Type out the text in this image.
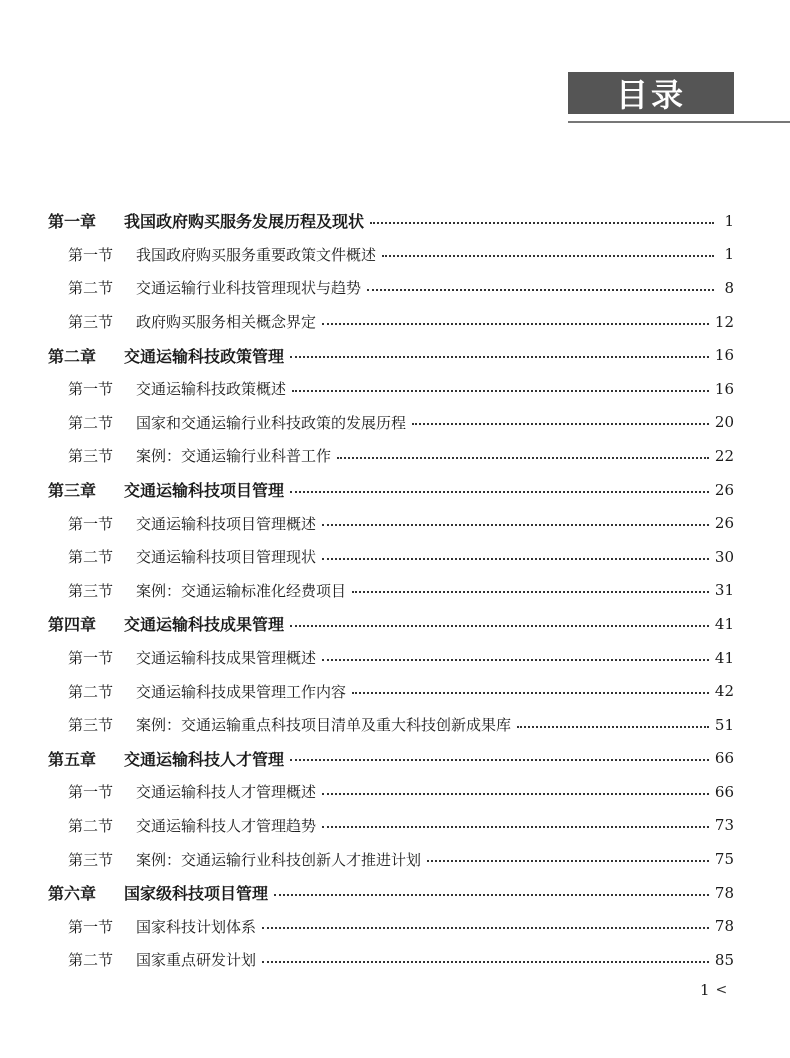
目录
第一章	我国政府购买服务发展历程及现状	1
第一节	我国政府购买服务重要政策文件概述	1
第二节	交通运输行业科技管理现状与趋势	8
第三节	政府购买服务相关概念界定	12
第二章	交通运输科技政策管理	16
第一节	交通运输科技政策概述	16
第二节	国家和交通运输行业科技政策的发展历程	20
第三节	案例：交通运输行业科普工作	22
第三章	交通运输科技项目管理	26
第一节	交通运输科技项目管理概述	26
第二节	交通运输科技项目管理现状	30
第三节	案例：交通运输标准化经费项目	31
第四章	交通运输科技成果管理	41
第一节	交通运输科技成果管理概述	41
第二节	交通运输科技成果管理工作内容	42
第三节	案例：交通运输重点科技项目清单及重大科技创新成果库	51
第五章	交通运输科技人才管理	66
第一节	交通运输科技人才管理概述	66
第二节	交通运输科技人才管理趋势	73
第三节	案例：交通运输行业科技创新人才推进计划	75
第六章	国家级科技项目管理	78
第一节	国家科技计划体系	78
第二节	国家重点研发计划	85
1 <
